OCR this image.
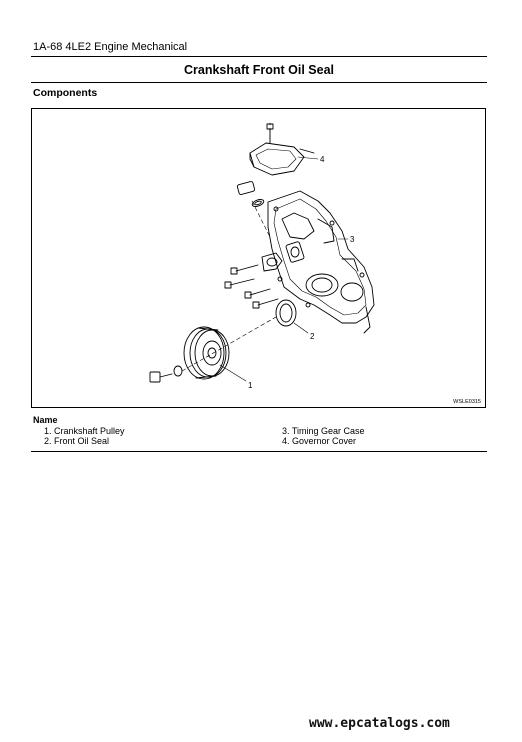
1A-68 4LE2 Engine Mechanical
Crankshaft Front Oil Seal
Components
1
2
3
4
WSLE0315
Name
1. Crankshaft Pulley
2. Front Oil Seal
3. Timing Gear Case
4. Governor Cover
www.epcatalogs.com
